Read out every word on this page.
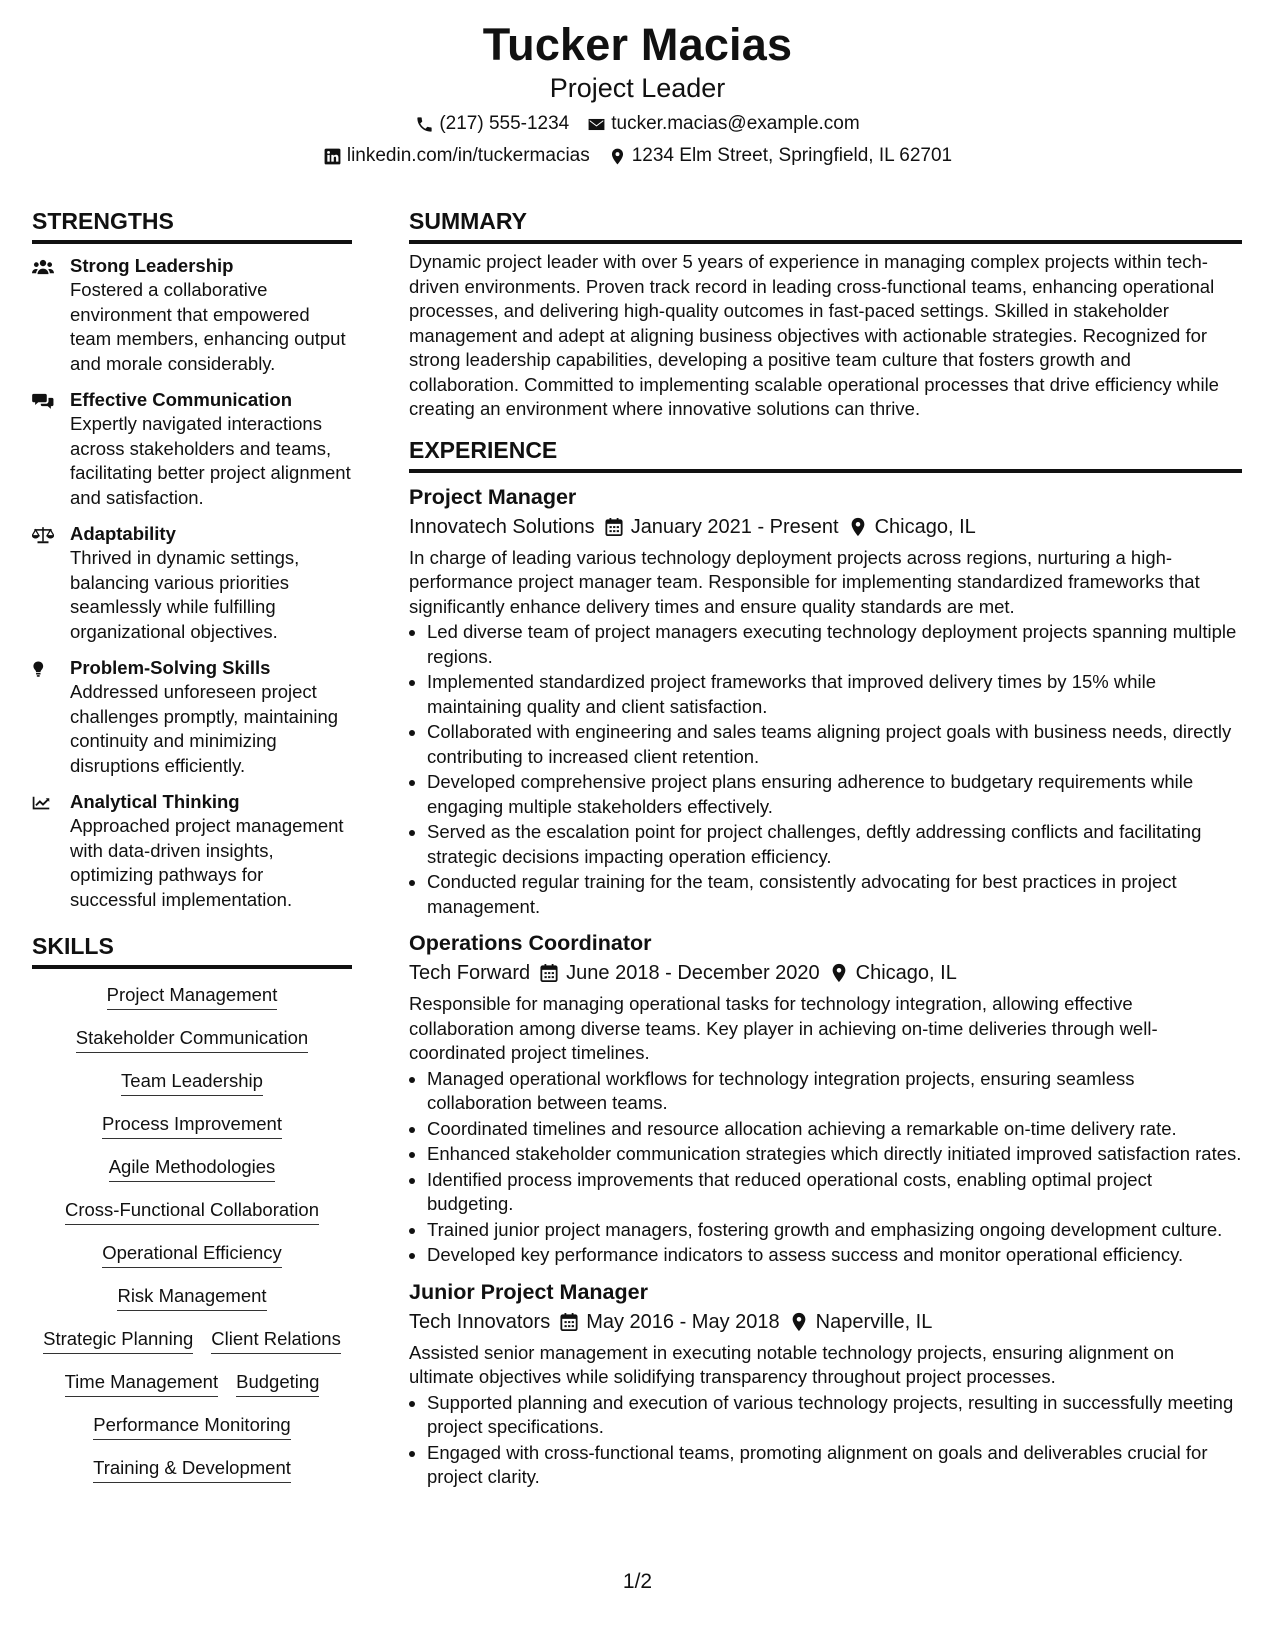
Tucker Macias
Project Leader
(217) 555-1234 tucker.macias@example.com
linkedin.com/in/tuckermacias 1234 Elm Street, Springfield, IL 62701
STRENGTHS
Strong Leadership
Fostered a collaborative environment that empowered team members, enhancing output and morale considerably.
Effective Communication
Expertly navigated interactions across stakeholders and teams, facilitating better project alignment and satisfaction.
Adaptability
Thrived in dynamic settings, balancing various priorities seamlessly while fulfilling organizational objectives.
Problem-Solving Skills
Addressed unforeseen project challenges promptly, maintaining continuity and minimizing disruptions efficiently.
Analytical Thinking
Approached project management with data-driven insights, optimizing pathways for successful implementation.
SKILLS
Project Management
Stakeholder Communication
Team Leadership
Process Improvement
Agile Methodologies
Cross-Functional Collaboration
Operational Efficiency
Risk Management
Strategic Planning Client Relations
Time Management Budgeting
Performance Monitoring
Training & Development
SUMMARY
Dynamic project leader with over 5 years of experience in managing complex projects within tech-driven environments. Proven track record in leading cross-functional teams, enhancing operational processes, and delivering high-quality outcomes in fast-paced settings. Skilled in stakeholder management and adept at aligning business objectives with actionable strategies. Recognized for strong leadership capabilities, developing a positive team culture that fosters growth and collaboration. Committed to implementing scalable operational processes that drive efficiency while creating an environment where innovative solutions can thrive.
EXPERIENCE
Project Manager
Innovatech Solutions January 2021 - Present Chicago, IL
In charge of leading various technology deployment projects across regions, nurturing a high-performance project manager team. Responsible for implementing standardized frameworks that significantly enhance delivery times and ensure quality standards are met.
• Led diverse team of project managers executing technology deployment projects spanning multiple regions.
• Implemented standardized project frameworks that improved delivery times by 15% while maintaining quality and client satisfaction.
• Collaborated with engineering and sales teams aligning project goals with business needs, directly contributing to increased client retention.
• Developed comprehensive project plans ensuring adherence to budgetary requirements while engaging multiple stakeholders effectively.
• Served as the escalation point for project challenges, deftly addressing conflicts and facilitating strategic decisions impacting operation efficiency.
• Conducted regular training for the team, consistently advocating for best practices in project management.
Operations Coordinator
Tech Forward June 2018 - December 2020 Chicago, IL
Responsible for managing operational tasks for technology integration, allowing effective collaboration among diverse teams. Key player in achieving on-time deliveries through well-coordinated project timelines.
• Managed operational workflows for technology integration projects, ensuring seamless collaboration between teams.
• Coordinated timelines and resource allocation achieving a remarkable on-time delivery rate.
• Enhanced stakeholder communication strategies which directly initiated improved satisfaction rates.
• Identified process improvements that reduced operational costs, enabling optimal project budgeting.
• Trained junior project managers, fostering growth and emphasizing ongoing development culture.
• Developed key performance indicators to assess success and monitor operational efficiency.
Junior Project Manager
Tech Innovators May 2016 - May 2018 Naperville, IL
Assisted senior management in executing notable technology projects, ensuring alignment on ultimate objectives while solidifying transparency throughout project processes.
• Supported planning and execution of various technology projects, resulting in successfully meeting project specifications.
• Engaged with cross-functional teams, promoting alignment on goals and deliverables crucial for project clarity.
1/2
